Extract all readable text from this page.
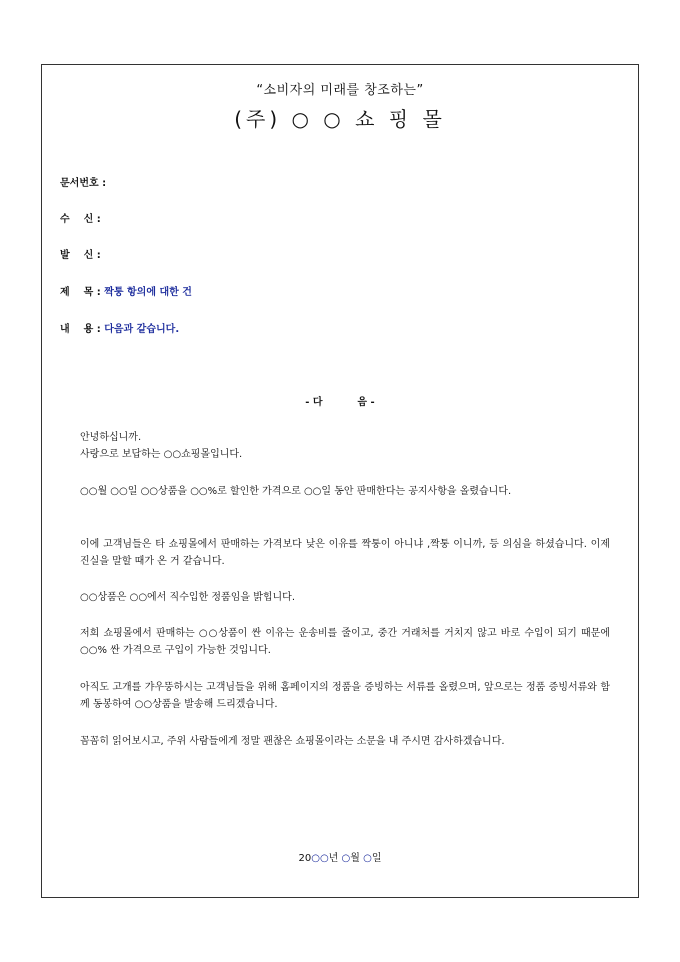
“소비자의 미래를 창조하는”
(주) ○ ○ 쇼 핑 몰
문서번호 :
수    신 :
발    신 :
제    목 : 짝퉁 항의에 대한 건
내    용 : 다음과 같습니다.
- 다          음 -
안녕하십니까.
사랑으로 보답하는 ○○쇼핑몰입니다.
○○월 ○○일 ○○상품을 ○○%로 할인한 가격으로 ○○일 동안 판매한다는 공지사항을 올렸습니다.
이에 고객님들은 타 쇼핑몰에서 판매하는 가격보다 낮은 이유를 짝퉁이 아니냐 ,짝퉁 이니까, 등 의심을 하셨습니다. 이제 진실을 말할 때가 온 거 같습니다.
○○상품은 ○○에서 직수입한 정품임을 밝힙니다.
저희 쇼핑몰에서 판매하는 ○○상품이 싼 이유는 운송비를 줄이고, 중간 거래처를 거치지 않고 바로 수입이 되기 때문에 ○○% 싼 가격으로 구입이 가능한 것입니다.
아직도 고개를 갸우뚱하시는 고객님들을 위해 홈페이지의 정품을 증빙하는 서류를 올렸으며, 앞으로는 정품 증빙서류와 함께 동봉하여 ○○상품을 발송해 드리겠습니다.
꼼꼼히 읽어보시고, 주위 사람들에게 정말 괜찮은 쇼핑몰이라는 소문을 내 주시면 감사하겠습니다.
20○○년 ○월 ○일
